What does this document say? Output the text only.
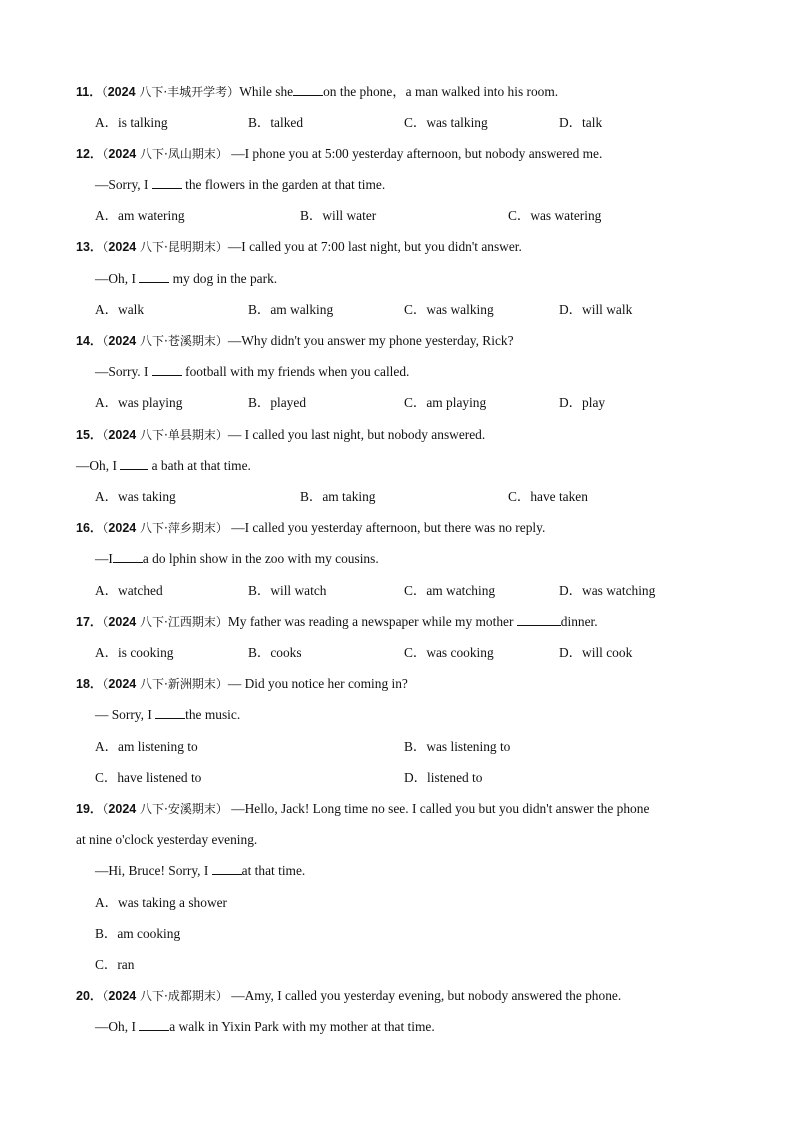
11．（2024 八下·丰城开学考）While she on the phone，a man walked into his room.
A．is talking	B．talked	C．was talking	D．talk
12．（2024 八下·凤山期末） —I phone you at 5:00 yesterday afternoon, but nobody answered me.
—Sorry, I  the flowers in the garden at that time.
A．am watering	B．will water	C．was watering
13．（2024 八下·昆明期末）—I called you at 7:00 last night, but you didn't answer.
—Oh, I  my dog in the park.
A．walk	B．am walking	C．was walking	D．will walk
14．（2024 八下·苍溪期末）—Why didn't you answer my phone yesterday, Rick?
—Sorry. I  football with my friends when you called.
A．was playing	B．played	C．am playing	D．play
15．（2024 八下·单县期末）— I called you last night, but nobody answered.
—Oh, I  a bath at that time.
A．was taking	B．am taking	C．have taken
16．（2024 八下·萍乡期末） —I called you yesterday afternoon, but there was no reply.
—I a do lphin show in the zoo with my cousins.
A．watched	B．will watch	C．am watching	D．was watching
17．（2024 八下·江西期末）My father was reading a newspaper while my mother	dinner.
A．is cooking	B．cooks	C．was cooking	D．will cook
18．（2024 八下·新洲期末）— Did you notice her coming in?
— Sorry, I the music.
A．am listening to	B．was listening to
C．have listened to	D．listened to
19．（2024 八下·安溪期末） —Hello, Jack! Long time no see. I called you but you didn't answer the phone
at nine o'clock yesterday evening.
—Hi, Bruce! Sorry, I at that time.
A．was taking a shower
B．am cooking
C．ran
20．（2024 八下·成都期末） —Amy, I called you yesterday evening, but nobody answered the phone.
—Oh, I a walk in Yixin Park with my mother at that time.
